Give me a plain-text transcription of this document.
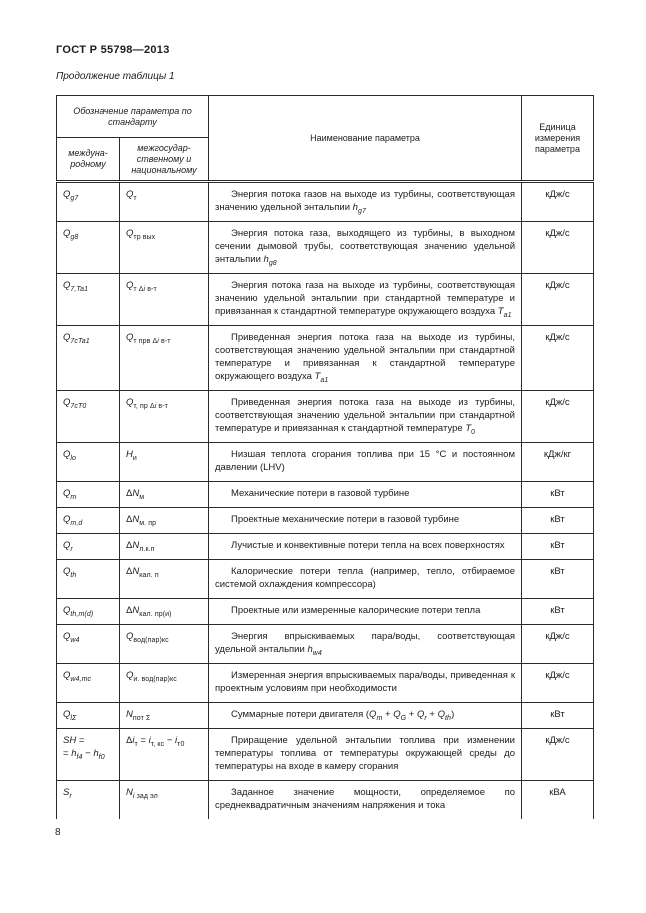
ГОСТ Р 55798—2013
Продолжение таблицы 1
Обозначение параметра по стандарту		Наименование параметра	Единица измерения параметра
международному	межгосударственному и национальному		
$Q_{g7}$	$Q_т$	Энергия потока газов на выходе из турбины, соответствующая значению удельной энтальпии $h_{g7}$	кДж/с
$Q_{g8}$	$Q_{тр вых}$	Энергия потока газа, выходящего из турбины, в выходном сечении дымовой трубы, соответствующая значению удельной энтальпии $h_{g8}$	кДж/с
$Q_{7,Ta1}$	$Q_{т \Delta i}$ $_{в-т}$	Энергия потока газа на выходе из турбины, соответствующая значению удельной энтальпии при стандартной температуре и привязанная к стандартной температуре окружающего воздуха $T_{a1}$	кДж/с
$Q_{7cTa1}$	$Q_{т прв \Delta i}$ $_{в-т}$	Приведенная энергия потока газа на выходе из турбины, соответствующая значению удельной энтальпии при стандартной температуре и привязанная к стандартной температуре окружающего воздуха $T_{a1}$	кДж/с
$Q_{7cT0}$	$Q_{т, пр \Delta i}$ $_{в-т}$	Приведенная энергия потока газа на выходе из турбины, соответствующая значению удельной энтальпии при стандартной температуре и привязанная к стандартной температуре $T_0$	кДж/с
$Q_{lo}$	$H_и$	Низшая теплота сгорания топлива при 15 °С и постоянном давлении (LHV)	кДж/кг
$Q_m$	$\Delta N_м$	Механические потери в газовой турбине	кВт
$Q_{m,d}$	$\Delta N_{м. пр}$	Проектные механические потери в газовой турбине	кВт
$Q_r$	$\Delta N_{л.к.п}$	Лучистые и конвективные потери тепла на всех поверхностях	кВт
$Q_{th}$	$\Delta N_{кал. п}$	Калорические потери тепла (например, тепло, отбираемое системой охлаждения компрессора)	кВт
$Q_{th,m(d)}$	$\Delta N_{кал. пр(и)}$	Проектные или измеренные калорические потери тепла	кВт
$Q_{w4}$	$Q_{вод(пар)кс}$	Энергия впрыскиваемых пара/воды, соответствующая удельной энтальпии $h_{w4}$	кДж/с
$Q_{w4,mc}$	$Q_{и. вод(пар)кс}$	Измеренная энергия впрыскиваемых пара/воды, приведенная к проектным условиям при необходимости	кДж/с
$Q_{l\Sigma}$	$N_{пот \Sigma}$	Суммарные потери двигателя $(Q_m + Q_G + Q_r + Q_{th})$	кВт
SH =
= $h_{f4} - h_{f0}$	$\Delta i_т = i_{т, кс} - i_{т0}$	Приращение удельной энтальпии топлива при изменении температуры топлива от температуры окружающей среды до температуры на входе в камеру сгорания	кДж/с
$S_r$	$N_i$ $_{зад эл}$	Заданное значение мощности, определяемое по среднеквадратичным значениям напряжения и тока	кВА
8
